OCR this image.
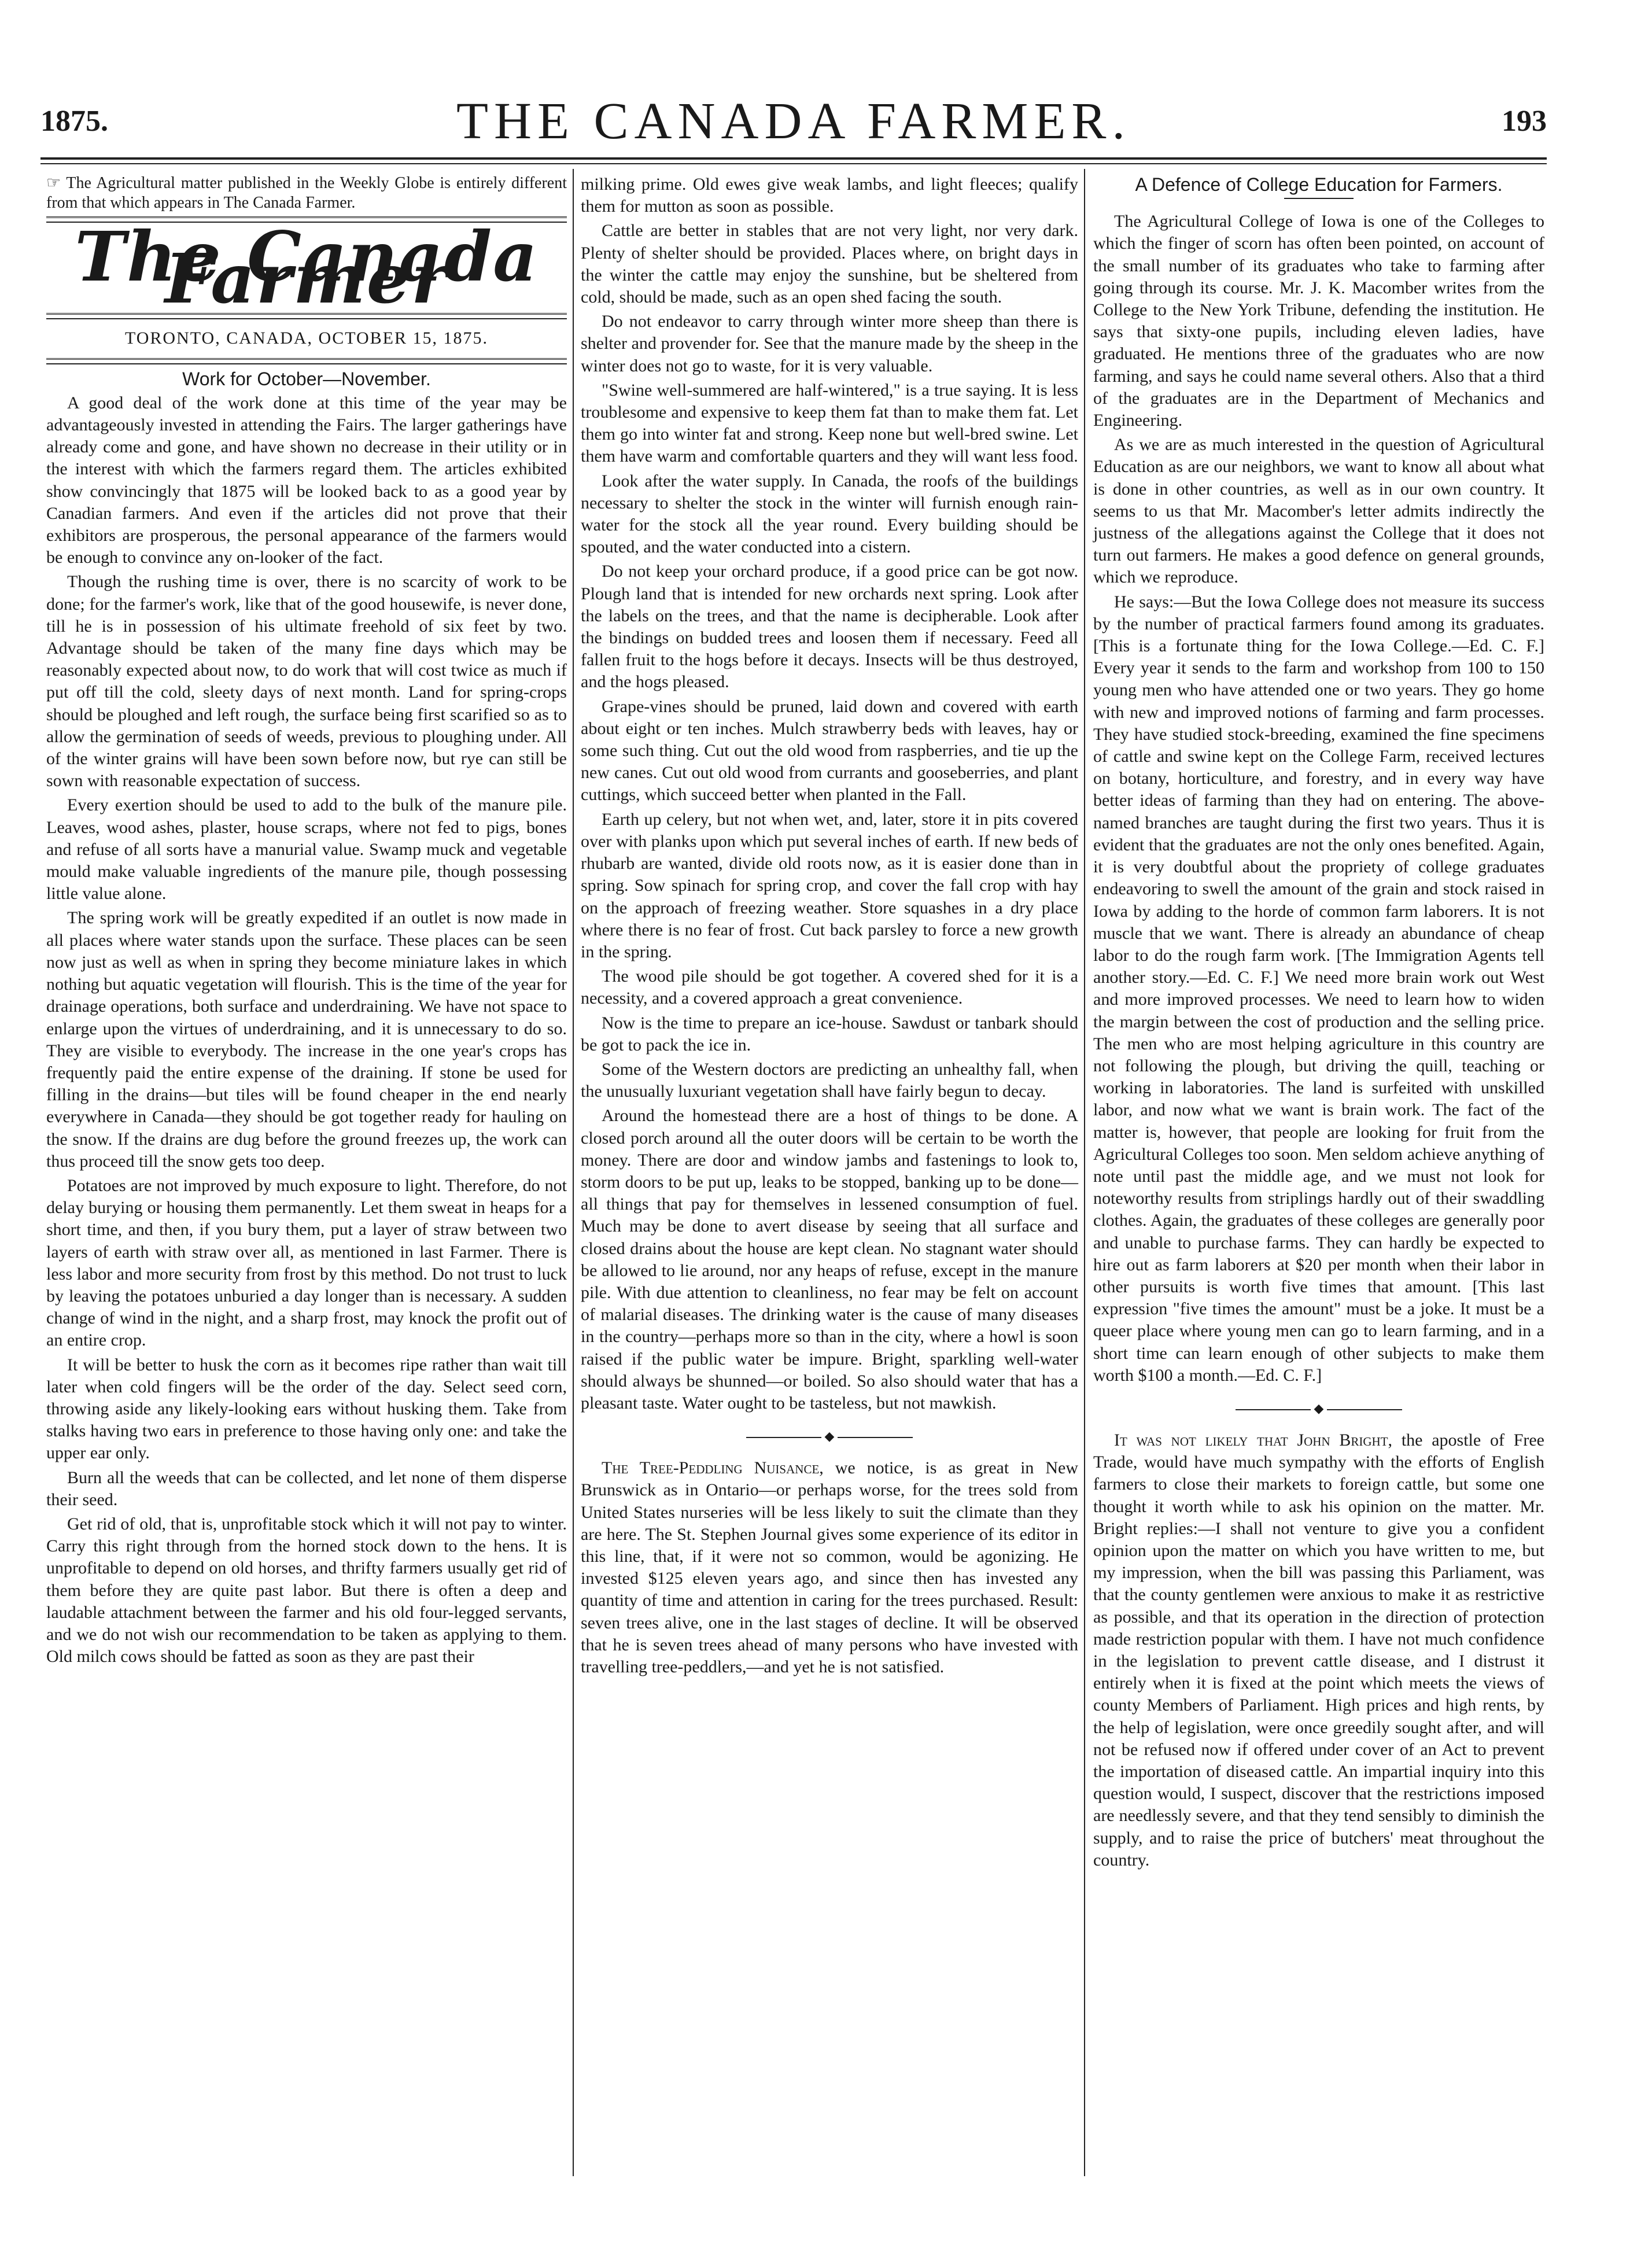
1875.	THE CANADA FARMER.	193

☞ The Agricultural matter published in the Weekly Globe is entirely different from that which appears in The Canada Farmer.

The Canada Farmer
TORONTO, CANADA, OCTOBER 15, 1875.

Work for October—November.

A good deal of the work done at this time of the year may be advantageously invested in attending the Fairs. The larger gatherings have already come and gone, and have shown no decrease in their utility or in the interest with which the farmers regard them. The articles exhibited show convincingly that 1875 will be looked back to as a good year by Canadian farmers. And even if the articles did not prove that their exhibitors are prosperous, the personal appearance of the farmers would be enough to convince any on-looker of the fact.

Though the rushing time is over, there is no scarcity of work to be done; for the farmer's work, like that of the good housewife, is never done, till he is in possession of his ultimate freehold of six feet by two. Advantage should be taken of the many fine days which may be reasonably expected about now, to do work that will cost twice as much if put off till the cold, sleety days of next month. Land for spring-crops should be ploughed and left rough, the surface being first scarified so as to allow the germination of seeds of weeds, previous to ploughing under. All of the winter grains will have been sown before now, but rye can still be sown with reasonable expectation of success.

Every exertion should be used to add to the bulk of the manure pile. Leaves, wood ashes, plaster, house scraps, where not fed to pigs, bones and refuse of all sorts have a manurial value. Swamp muck and vegetable mould make valuable ingredients of the manure pile, though possessing little value alone.

The spring work will be greatly expedited if an outlet is now made in all places where water stands upon the surface. These places can be seen now just as well as when in spring they become miniature lakes in which nothing but aquatic vegetation will flourish. This is the time of the year for drainage operations, both surface and underdraining. We have not space to enlarge upon the virtues of underdraining, and it is unnecessary to do so. They are visible to everybody. The increase in the one year's crops has frequently paid the entire expense of the draining. If stone be used for filling in the drains—but tiles will be found cheaper in the end nearly everywhere in Canada—they should be got together ready for hauling on the snow. If the drains are dug before the ground freezes up, the work can thus proceed till the snow gets too deep.

Potatoes are not improved by much exposure to light. Therefore, do not delay burying or housing them permanently. Let them sweat in heaps for a short time, and then, if you bury them, put a layer of straw between two layers of earth with straw over all, as mentioned in last Farmer. There is less labor and more security from frost by this method. Do not trust to luck by leaving the potatoes unburied a day longer than is necessary. A sudden change of wind in the night, and a sharp frost, may knock the profit out of an entire crop.

It will be better to husk the corn as it becomes ripe rather than wait till later when cold fingers will be the order of the day. Select seed corn, throwing aside any likely-looking ears without husking them. Take from stalks having two ears in preference to those having only one: and take the upper ear only.

Burn all the weeds that can be collected, and let none of them disperse their seed.

Get rid of old, that is, unprofitable stock which it will not pay to winter. Carry this right through from the horned stock down to the hens. It is unprofitable to depend on old horses, and thrifty farmers usually get rid of them before they are quite past labor. But there is often a deep and laudable attachment between the farmer and his old four-legged servants, and we do not wish our recommendation to be taken as applying to them. Old milch cows should be fatted as soon as they are past their

milking prime. Old ewes give weak lambs, and light fleeces; qualify them for mutton as soon as possible.

Cattle are better in stables that are not very light, nor very dark. Plenty of shelter should be provided. Places where, on bright days in the winter the cattle may enjoy the sunshine, but be sheltered from cold, should be made, such as an open shed facing the south.

Do not endeavor to carry through winter more sheep than there is shelter and provender for. See that the manure made by the sheep in the winter does not go to waste, for it is very valuable.

"Swine well-summered are half-wintered," is a true saying. It is less troublesome and expensive to keep them fat than to make them fat. Let them go into winter fat and strong. Keep none but well-bred swine. Let them have warm and comfortable quarters and they will want less food.

Look after the water supply. In Canada, the roofs of the buildings necessary to shelter the stock in the winter will furnish enough rain-water for the stock all the year round. Every building should be spouted, and the water conducted into a cistern.

Do not keep your orchard produce, if a good price can be got now. Plough land that is intended for new orchards next spring. Look after the labels on the trees, and that the name is decipherable. Look after the bindings on budded trees and loosen them if necessary. Feed all fallen fruit to the hogs before it decays. Insects will be thus destroyed, and the hogs pleased.

Grape-vines should be pruned, laid down and covered with earth about eight or ten inches. Mulch strawberry beds with leaves, hay or some such thing. Cut out the old wood from raspberries, and tie up the new canes. Cut out old wood from currants and gooseberries, and plant cuttings, which succeed better when planted in the Fall.

Earth up celery, but not when wet, and, later, store it in pits covered over with planks upon which put several inches of earth. If new beds of rhubarb are wanted, divide old roots now, as it is easier done than in spring. Sow spinach for spring crop, and cover the fall crop with hay on the approach of freezing weather. Store squashes in a dry place where there is no fear of frost. Cut back parsley to force a new growth in the spring.

The wood pile should be got together. A covered shed for it is a necessity, and a covered approach a great convenience.

Now is the time to prepare an ice-house. Sawdust or tanbark should be got to pack the ice in.

Some of the Western doctors are predicting an unhealthy fall, when the unusually luxuriant vegetation shall have fairly begun to decay.

Around the homestead there are a host of things to be done. A closed porch around all the outer doors will be certain to be worth the money. There are door and window jambs and fastenings to look to, storm doors to be put up, leaks to be stopped, banking up to be done—all things that pay for themselves in lessened consumption of fuel. Much may be done to avert disease by seeing that all surface and closed drains about the house are kept clean. No stagnant water should be allowed to lie around, nor any heaps of refuse, except in the manure pile. With due attention to cleanliness, no fear may be felt on account of malarial diseases. The drinking water is the cause of many diseases in the country—perhaps more so than in the city, where a howl is soon raised if the public water be impure. Bright, sparkling well-water should always be shunned—or boiled. So also should water that has a pleasant taste. Water ought to be tasteless, but not mawkish.

◆

The Tree-Peddling Nuisance, we notice, is as great in New Brunswick as in Ontario—or perhaps worse, for the trees sold from United States nurseries will be less likely to suit the climate than they are here. The St. Stephen Journal gives some experience of its editor in this line, that, if it were not so common, would be agonizing. He invested $125 eleven years ago, and since then has invested any quantity of time and attention in caring for the trees purchased. Result: seven trees alive, one in the last stages of decline. It will be observed that he is seven trees ahead of many persons who have invested with travelling tree-peddlers,—and yet he is not satisfied.

A Defence of College Education for Farmers.

The Agricultural College of Iowa is one of the Colleges to which the finger of scorn has often been pointed, on account of the small number of its graduates who take to farming after going through its course. Mr. J. K. Macomber writes from the College to the New York Tribune, defending the institution. He says that sixty-one pupils, including eleven ladies, have graduated. He mentions three of the graduates who are now farming, and says he could name several others. Also that a third of the graduates are in the Department of Mechanics and Engineering.

As we are as much interested in the question of Agricultural Education as are our neighbors, we want to know all about what is done in other countries, as well as in our own country. It seems to us that Mr. Macomber's letter admits indirectly the justness of the allegations against the College that it does not turn out farmers. He makes a good defence on general grounds, which we reproduce.

He says:—But the Iowa College does not measure its success by the number of practical farmers found among its graduates. [This is a fortunate thing for the Iowa College.—Ed. C. F.] Every year it sends to the farm and workshop from 100 to 150 young men who have attended one or two years. They go home with new and improved notions of farming and farm processes. They have studied stock-breeding, examined the fine specimens of cattle and swine kept on the College Farm, received lectures on botany, horticulture, and forestry, and in every way have better ideas of farming than they had on entering. The above-named branches are taught during the first two years. Thus it is evident that the graduates are not the only ones benefited. Again, it is very doubtful about the propriety of college graduates endeavoring to swell the amount of the grain and stock raised in Iowa by adding to the horde of common farm laborers. It is not muscle that we want. There is already an abundance of cheap labor to do the rough farm work. [The Immigration Agents tell another story.—Ed. C. F.] We need more brain work out West and more improved processes. We need to learn how to widen the margin between the cost of production and the selling price. The men who are most helping agriculture in this country are not following the plough, but driving the quill, teaching or working in laboratories. The land is surfeited with unskilled labor, and now what we want is brain work. The fact of the matter is, however, that people are looking for fruit from the Agricultural Colleges too soon. Men seldom achieve anything of note until past the middle age, and we must not look for noteworthy results from striplings hardly out of their swaddling clothes. Again, the graduates of these colleges are generally poor and unable to purchase farms. They can hardly be expected to hire out as farm laborers at $20 per month when their labor in other pursuits is worth five times that amount. [This last expression "five times the amount" must be a joke. It must be a queer place where young men can go to learn farming, and in a short time can learn enough of other subjects to make them worth $100 a month.—Ed. C. F.]

◆

It was not likely that John Bright, the apostle of Free Trade, would have much sympathy with the efforts of English farmers to close their markets to foreign cattle, but some one thought it worth while to ask his opinion on the matter. Mr. Bright replies:—I shall not venture to give you a confident opinion upon the matter on which you have written to me, but my impression, when the bill was passing this Parliament, was that the county gentlemen were anxious to make it as restrictive as possible, and that its operation in the direction of protection made restriction popular with them. I have not much confidence in the legislation to prevent cattle disease, and I distrust it entirely when it is fixed at the point which meets the views of county Members of Parliament. High prices and high rents, by the help of legislation, were once greedily sought after, and will not be refused now if offered under cover of an Act to prevent the importation of diseased cattle. An impartial inquiry into this question would, I suspect, discover that the restrictions imposed are needlessly severe, and that they tend sensibly to diminish the supply, and to raise the price of butchers' meat throughout the country.
